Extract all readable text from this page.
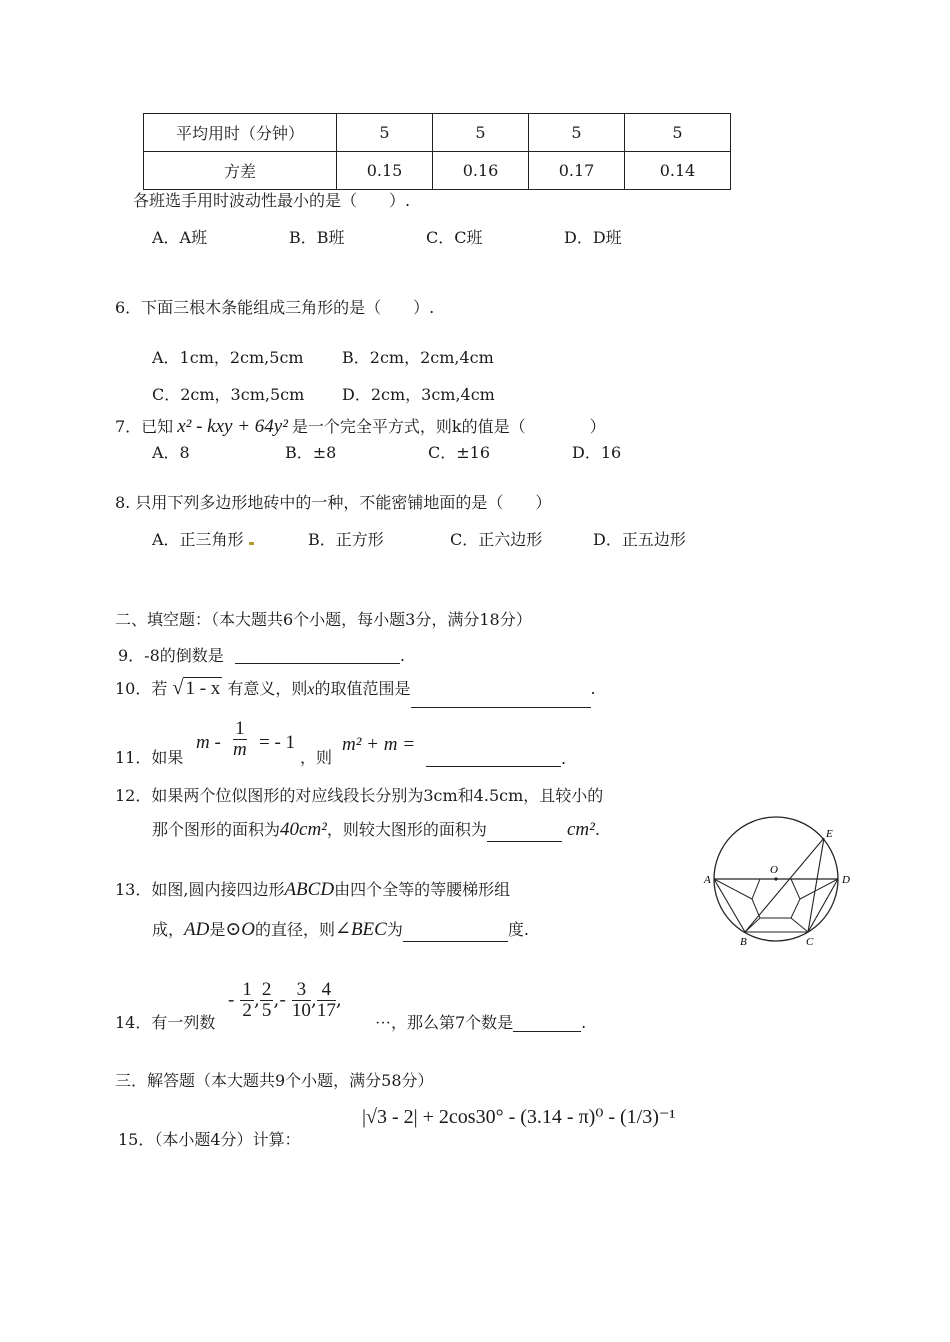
平均用时（分钟）	5	5	5	5
方差	0.15	0.16	0.17	0.14
各班选手用时波动性最小的是（　　）.
A．A班	B．B班	C．C班	D．D班
6．下面三根木条能组成三角形的是（　　）.
A．1cm，2cm,5cm B．2cm，2cm,4cm
C．2cm，3cm,5cm D．2cm，3cm,4cm
7．已知 x² - kxy + 64y² 是一个完全平方式，则k的值是（　　　　）
A．8	B．±8	C．±16	D．16
8. 只用下列多边形地砖中的一种，不能密铺地面的是（　　）
A．正三角形	B．正方形	C．正六边形	D．正五边形
二、填空题：（本大题共6个小题，每小题3分，满分18分）
9．-8的倒数是	.
10．若 √ 1 - x 有意义，则x的取值范围是	.
11．如果
m - $\frac{1}{m}$ = - 1
，则
m² + m =
.
12．如果两个位似图形的对应线段长分别为3cm和4.5cm，且较小的
那个图形的面积为40cm²，则较大图形的面积为	cm².
13．如图,圆内接四边形ABCD由四个全等的等腰梯形组
成，AD是⊙O的直径，则∠BEC为	度.
A
B	C
D
E
O
14．有一列数
- $\frac{1}{2}$ , $\frac{2}{5}$ ,- $\frac{3}{10}$ , $\frac{4}{17}$ ,
···，那么第7个数是	.
三．解答题（本大题共9个小题，满分58分）
15．（本小题4分）计算：
|√3 - 2| + 2cos30° - (3.14 - π)⁰ - (1/3)⁻¹
